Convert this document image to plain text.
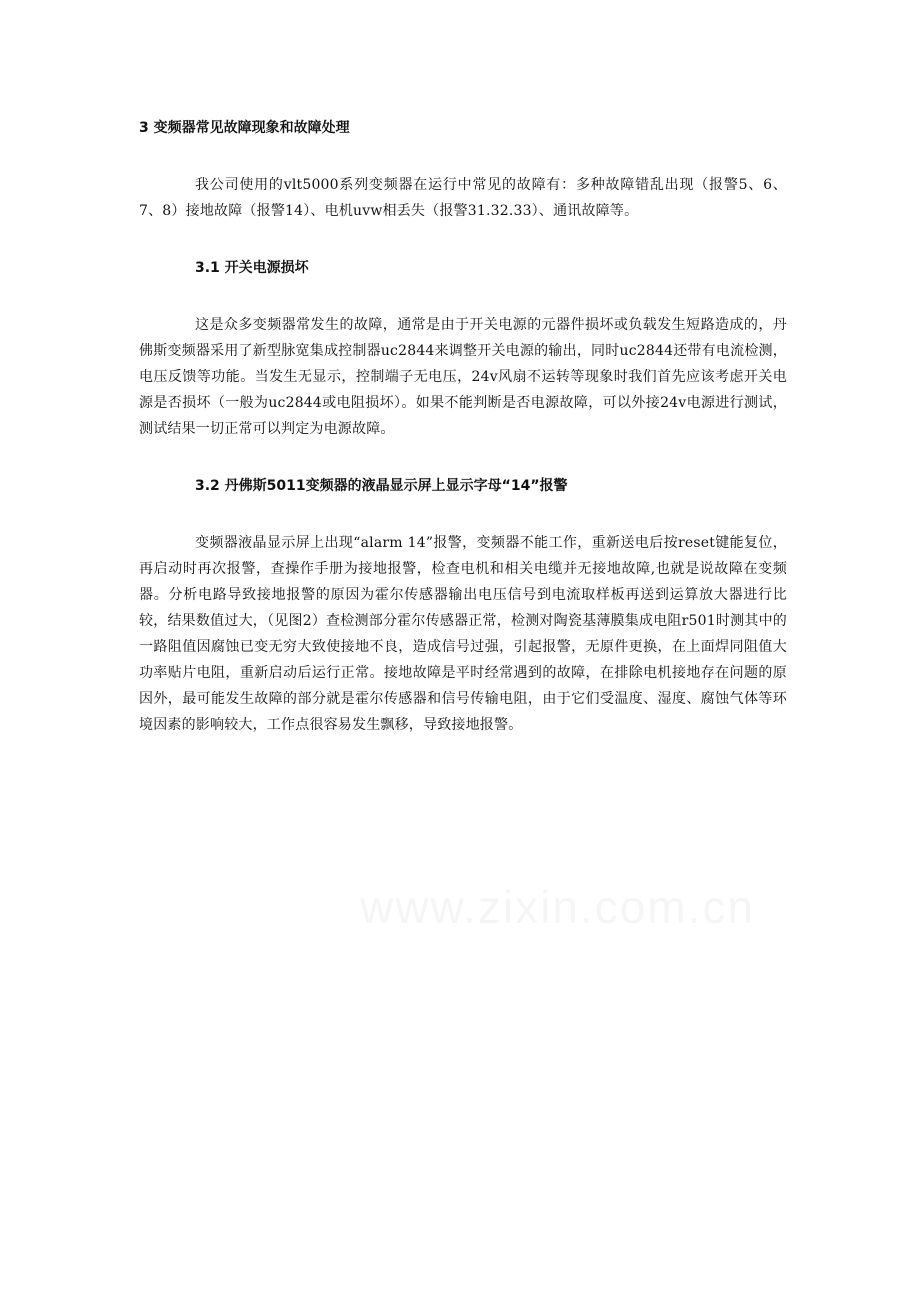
3 变频器常见故障现象和故障处理

我公司使用的vlt5000系列变频器在运行中常见的故障有：多种故障错乱出现（报警5、6、7、8）接地故障（报警14）、电机uvw相丢失（报警31.32.33）、通讯故障等。

3.1 开关电源损坏

这是众多变频器常发生的故障，通常是由于开关电源的元器件损坏或负载发生短路造成的，丹佛斯变频器采用了新型脉宽集成控制器uc2844来调整开关电源的输出，同时uc2844还带有电流检测，电压反馈等功能。当发生无显示，控制端子无电压，24v风扇不运转等现象时我们首先应该考虑开关电源是否损坏（一般为uc2844或电阻损坏）。如果不能判断是否电源故障，可以外接24v电源进行测试，测试结果一切正常可以判定为电源故障。

3.2 丹佛斯5011变频器的液晶显示屏上显示字母“14”报警

变频器液晶显示屏上出现“alarm 14”报警，变频器不能工作，重新送电后按reset键能复位，再启动时再次报警，查操作手册为接地报警，检查电机和相关电缆并无接地故障,也就是说故障在变频器。分析电路导致接地报警的原因为霍尔传感器输出电压信号到电流取样板再送到运算放大器进行比较，结果数值过大，（见图2）查检测部分霍尔传感器正常，检测对陶瓷基薄膜集成电阻r501时测其中的一路阻值因腐蚀已变无穷大致使接地不良，造成信号过强，引起报警，无原件更换，在上面焊同阻值大功率贴片电阻，重新启动后运行正常。接地故障是平时经常遇到的故障，在排除电机接地存在问题的原因外，最可能发生故障的部分就是霍尔传感器和信号传输电阻，由于它们受温度、湿度、腐蚀气体等环境因素的影响较大，工作点很容易发生飘移，导致接地报警。
